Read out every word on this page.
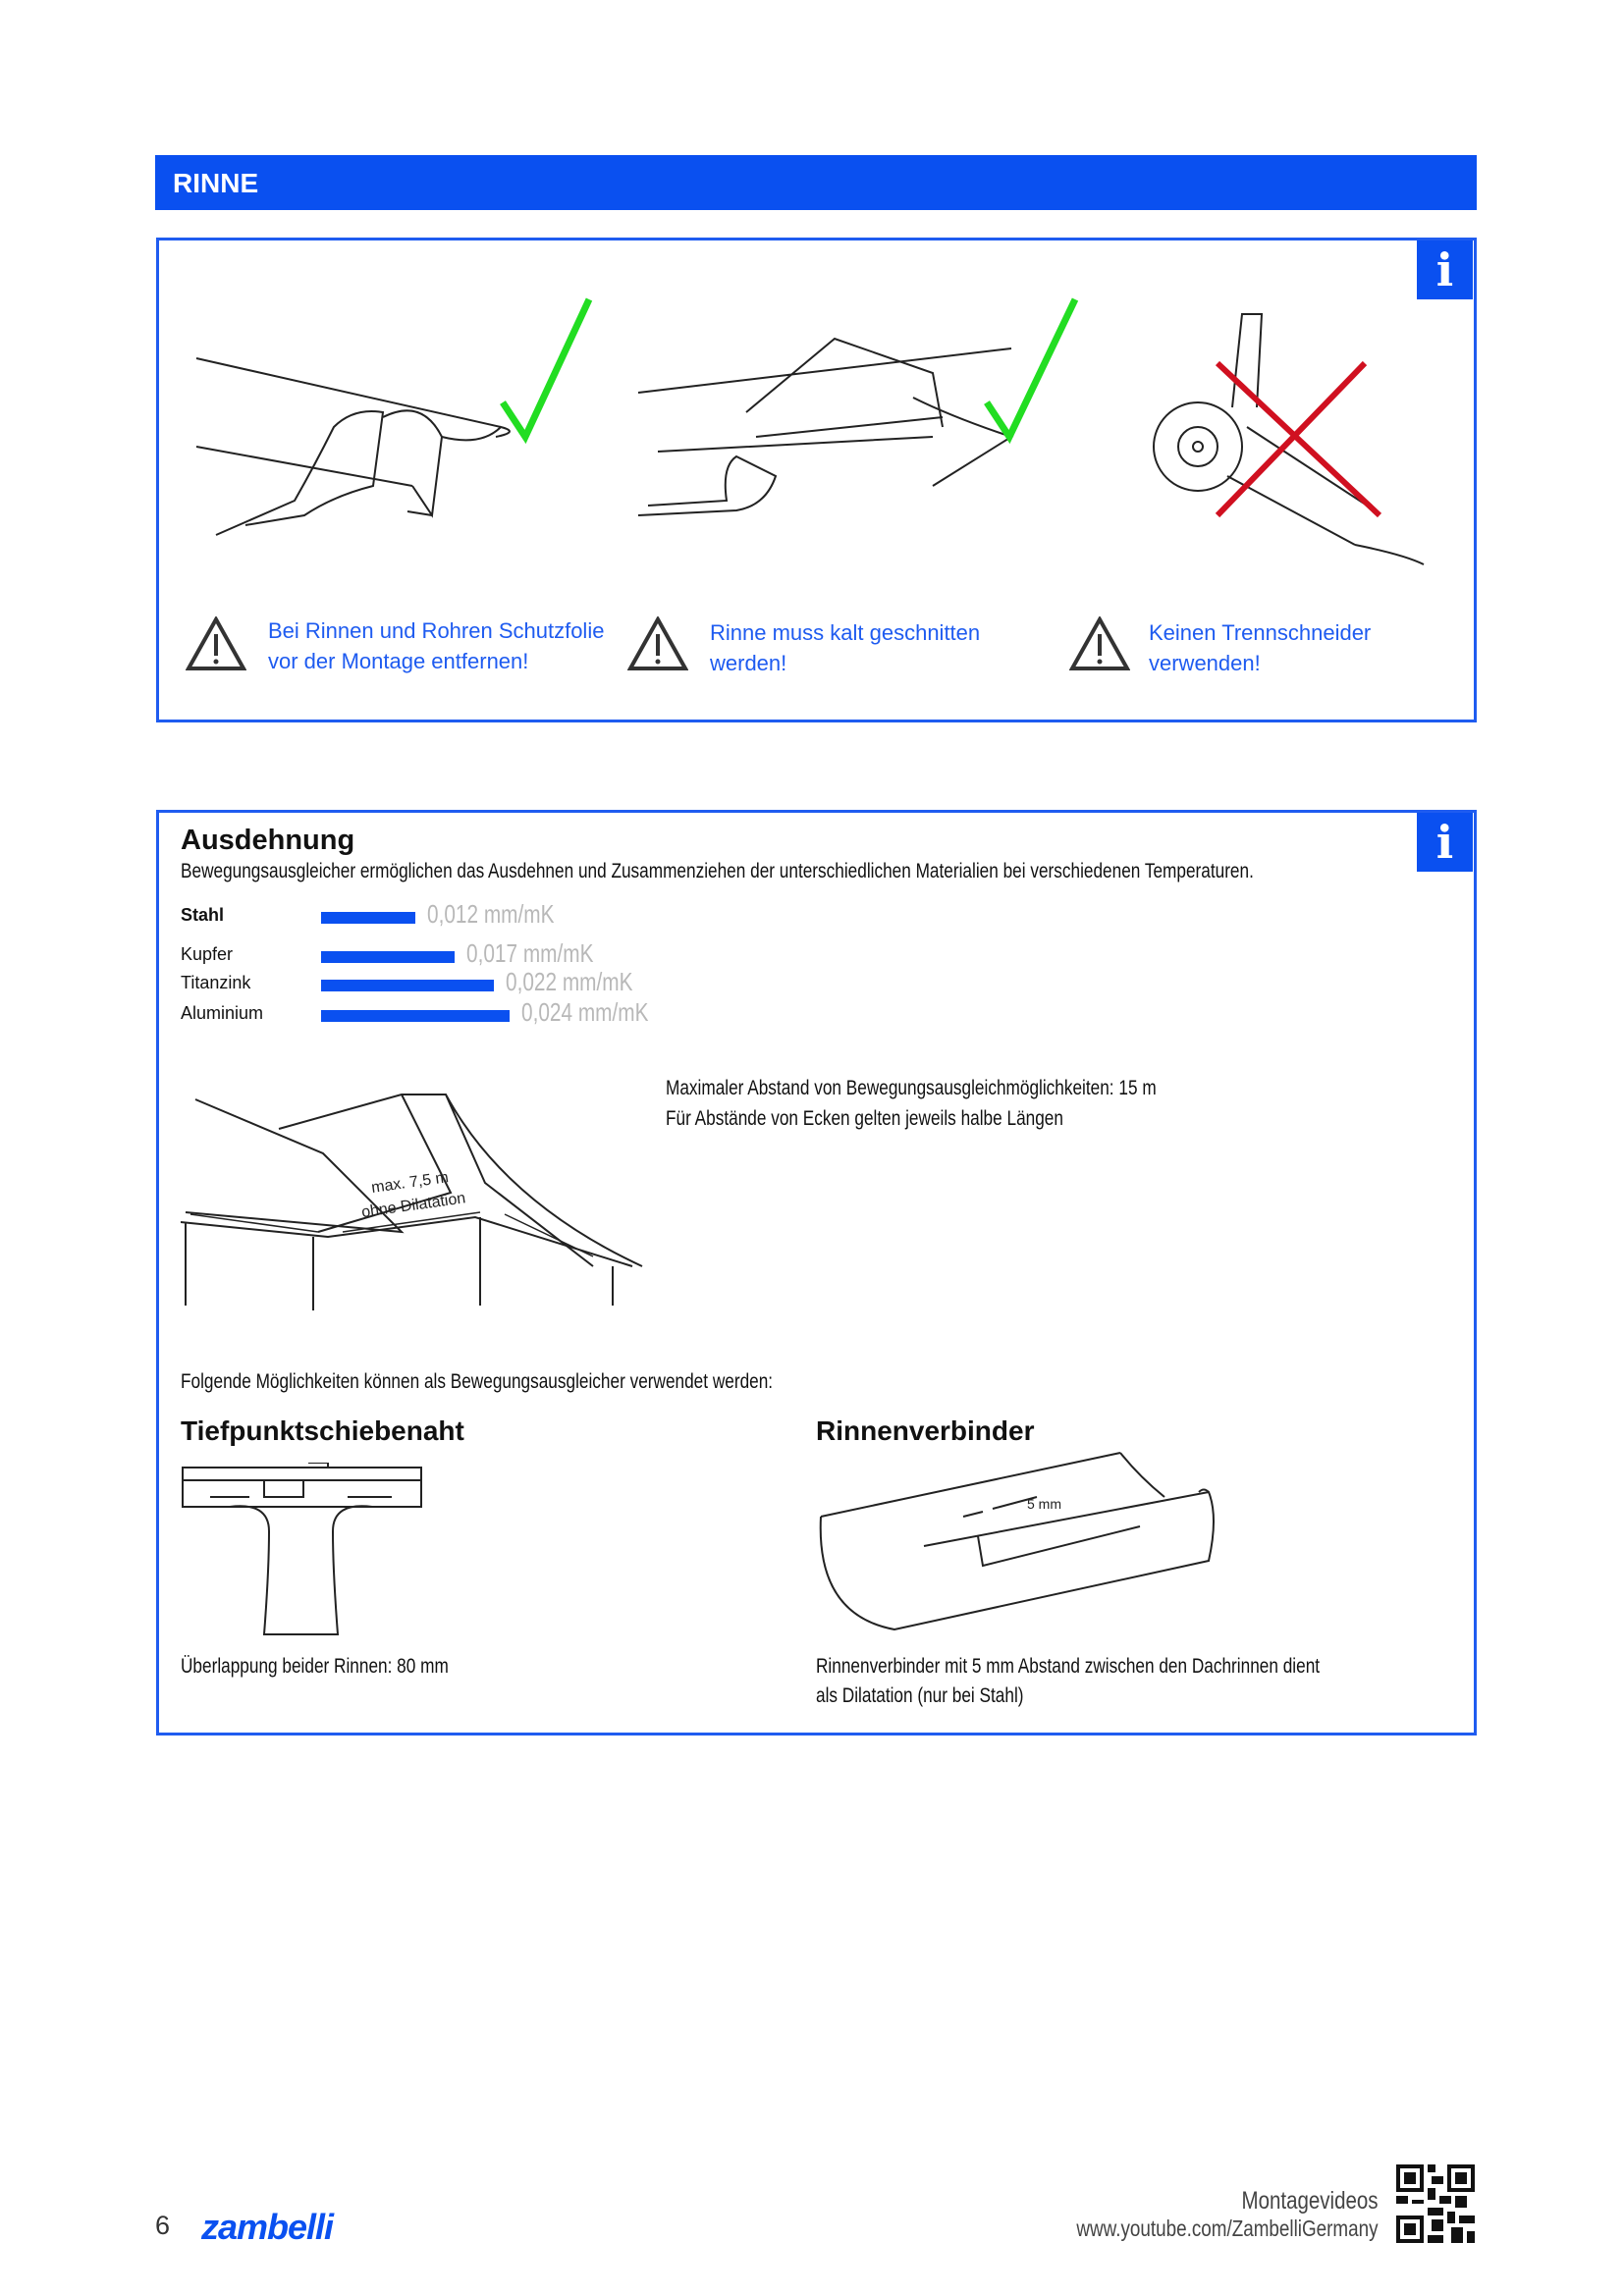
RINNE
i
Bei Rinnen und Rohren Schutzfolie
vor der Montage entfernen!
Rinne muss kalt geschnitten
werden!
Keinen Trennschneider
verwenden!
i
Ausdehnung
Bewegungsausgleicher ermöglichen das Ausdehnen und Zusammenziehen der unterschiedlichen Materialien bei verschiedenen Temperaturen.
Stahl	0,012 mm/mK
Kupfer	0,017 mm/mK
Titanzink	0,022 mm/mK
Aluminium	0,024 mm/mK
max. 7,5 m
ohne Dilatation
Maximaler Abstand von Bewegungsausgleichmöglichkeiten: 15 m
Für Abstände von Ecken gelten jeweils halbe Längen
Folgende Möglichkeiten können als Bewegungsausgleicher verwendet werden:
Tiefpunktschiebenaht	Rinnenverbinder
5 mm
Überlappung beider Rinnen: 80 mm	Rinnenverbinder mit 5 mm Abstand zwischen den Dachrinnen dient
als Dilatation (nur bei Stahl)
6 zambelli
Montagevideos
www.youtube.com/ZambelliGermany
